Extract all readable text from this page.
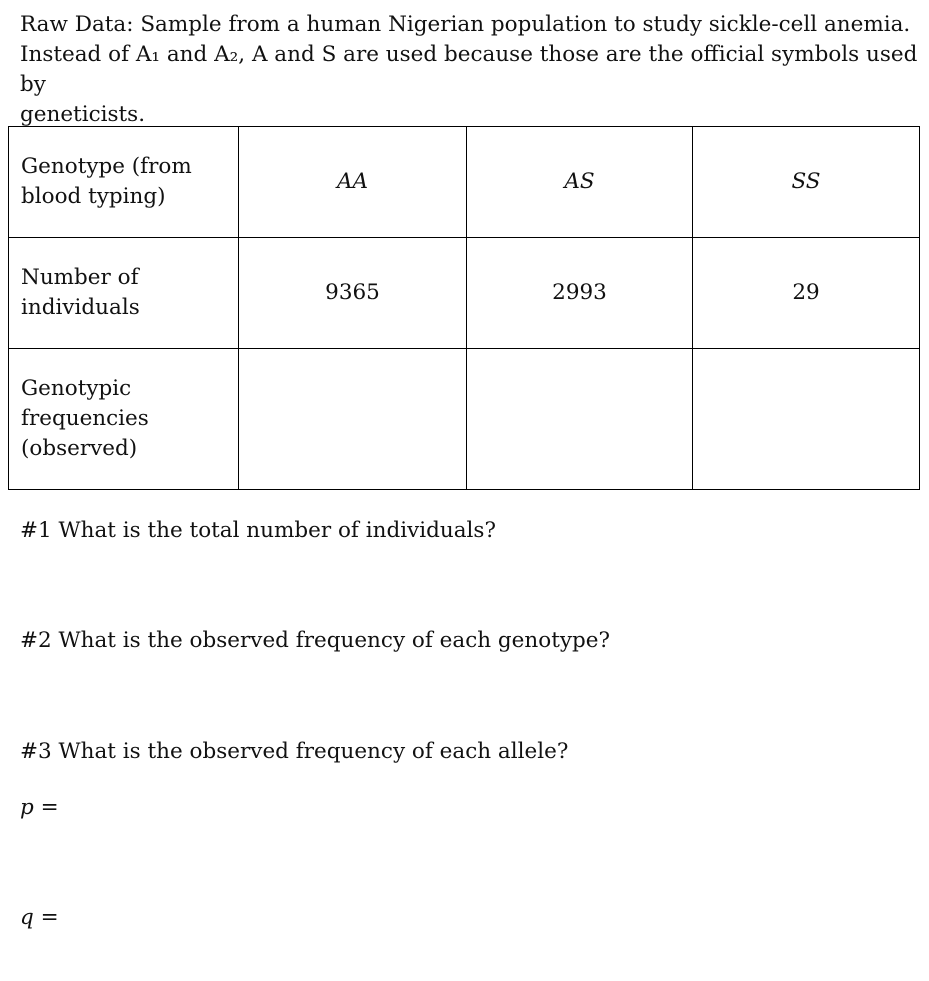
Raw Data: Sample from a human Nigerian population to study sickle-cell anemia.
Instead of A₁ and A₂, A and S are used because those are the official symbols used by
geneticists.
Genotype (from blood typing)	AA	AS	SS
Number of individuals	9365	2993	29
Genotypic frequencies (observed)			

#1 What is the total number of individuals?

#2 What is the observed frequency of each genotype?

#3 What is the observed frequency of each allele?

p =

q =
